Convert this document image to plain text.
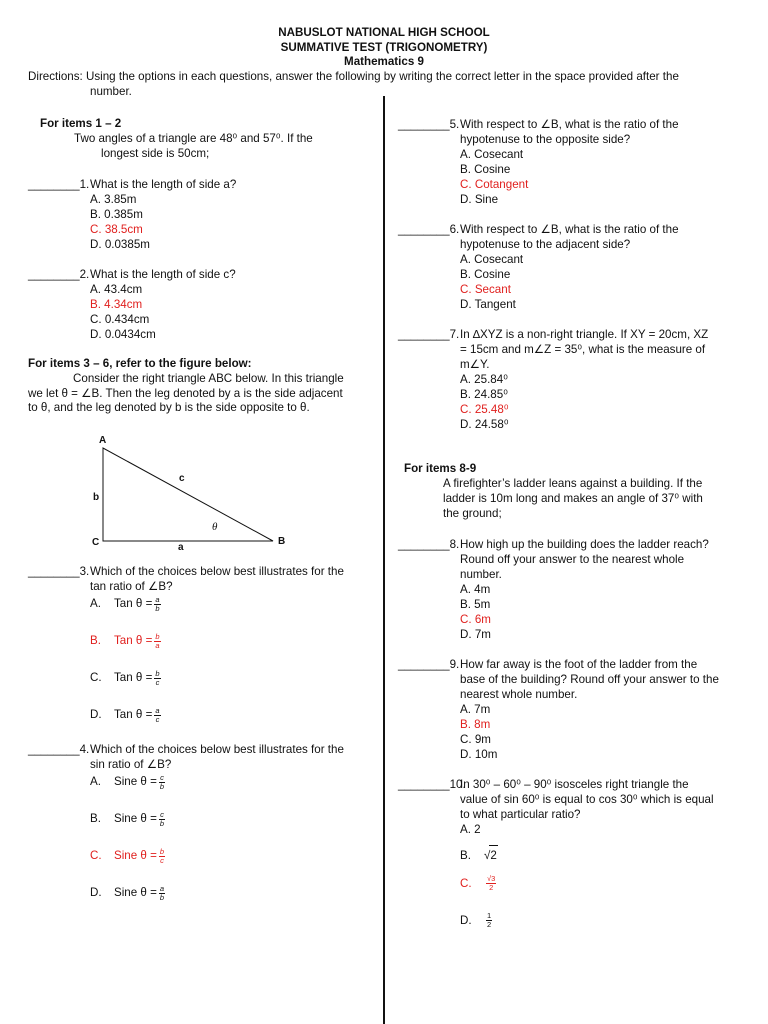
NABUSLOT NATIONAL HIGH SCHOOL
SUMMATIVE TEST (TRIGONOMETRY)
Mathematics 9
Directions: Using the options in each questions, answer the following by writing the correct letter in the space provided after the
number.
For items 1 – 2
Two angles of a triangle are 48⁰ and 57⁰. If the
longest side is 50cm;
________1. What is the length of side a?
A. 3.85m
B. 0.385m
C. 38.5cm
D. 0.0385m
________2. What is the length of side c?
A. 43.4cm
B. 4.34cm
C. 0.434cm
D. 0.0434cm
For items 3 – 6, refer to the figure below:
Consider the right triangle ABC below. In this triangle
we let θ = ∠B. Then the leg denoted by a is the side adjacent
to θ, and the leg denoted by b is the side opposite to θ.
________3. Which of the choices below best illustrates for the
tan ratio of ∠B?
A. Tan $\theta = \frac{a}{b}$
B. Tan $\theta = \frac{b}{a}$
C. Tan $\theta = \frac{b}{c}$
D. Tan $\theta = \frac{a}{c}$
________4. Which of the choices below best illustrates for the
sin ratio of ∠B?
A. Sine $\theta = \frac{c}{b}$
B. Sine $\theta = \frac{c}{b}$
C. Sine $\theta = \frac{b}{c}$
D. Sine $\theta = \frac{a}{b}$
A
B
C	a
b
c
θ
________5. With respect to ∠B, what is the ratio of the
hypotenuse to the opposite side?
A. Cosecant
B. Cosine
C. Cotangent
D. Sine
________6. With respect to ∠B, what is the ratio of the
hypotenuse to the adjacent side?
A. Cosecant
B. Cosine
C. Secant
D. Tangent
________7. In ∆XYZ is a non-right triangle. If XY = 20cm, XZ
= 15cm and m∠Z = 35⁰, what is the measure of
m∠Y.
A. 25.84⁰
B. 24.85⁰
C. 25.48⁰
D. 24.58⁰
For items 8-9
A firefighter’s ladder leans against a building. If the
ladder is 10m long and makes an angle of 37⁰ with
the ground;
________8. How high up the building does the ladder reach?
Round off your answer to the nearest whole
number.
A. 4m
B. 5m
C. 6m
D. 7m
________9. How far away is the foot of the ladder from the
base of the building? Round off your answer to the
nearest whole number.
A. 7m
B. 8m
C. 9m
D. 10m
________10.
In 30⁰ – 60⁰ – 90⁰ isosceles right triangle the
value of sin 60⁰ is equal to cos 30⁰ which is equal
to what particular ratio?
A. 2
B. √2
C. $\frac{√3}{2}$
D. $\frac{1}{2}$
